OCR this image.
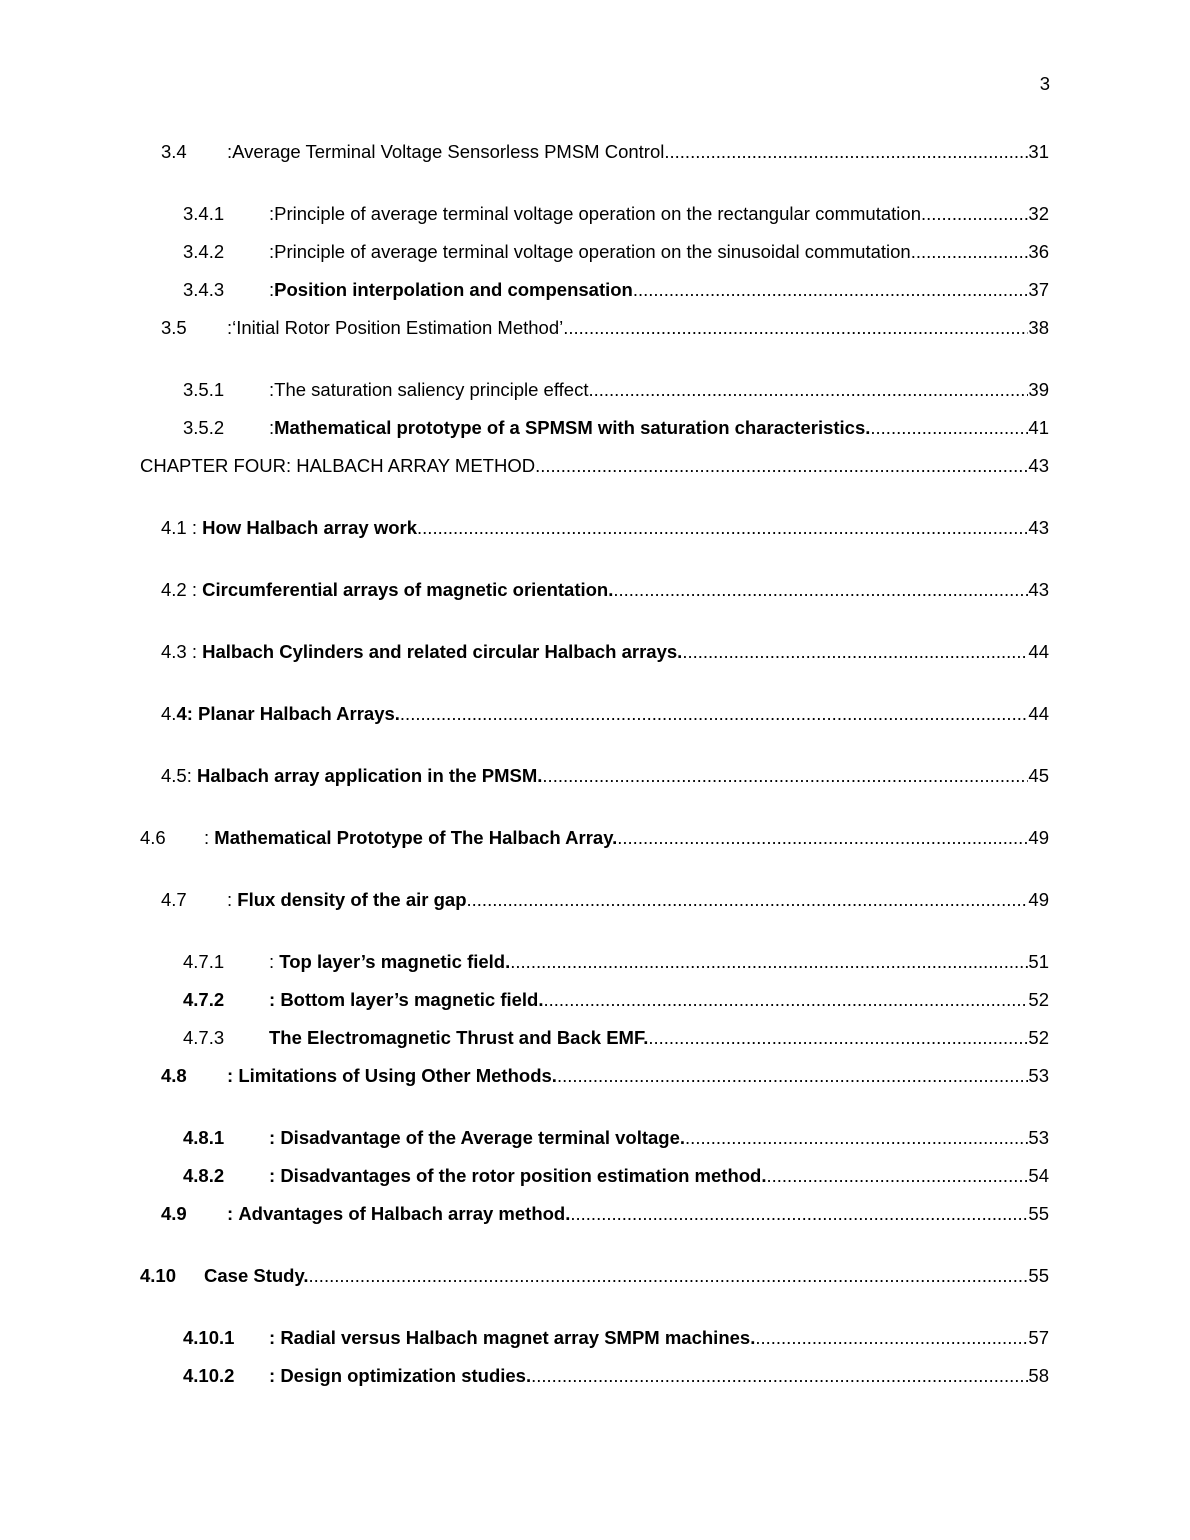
3
3.4	: Average Terminal Voltage Sensorless PMSM Control .....	31
3.4.1	: Principle of average terminal voltage operation on the rectangular commutation. .....	32
3.4.2	: Principle of average terminal voltage operation on the sinusoidal commutation. .....	36
3.4.3	: Position interpolation and compensation .....	37
3.5	: ‘Initial Rotor Position Estimation Method’ .....	38
3.5.1	: The saturation saliency principle effect .....	39
3.5.2	: Mathematical prototype of a SPMSM with saturation characteristics. .....	41
CHAPTER FOUR: HALBACH ARRAY METHOD .....	43
4.1 : How Halbach array work .....	43
4.2 : Circumferential arrays of magnetic orientation. .....	43
4.3 : Halbach Cylinders and related circular Halbach arrays. .....	44
4. 4: Planar Halbach Arrays. .....	44
4.5: Halbach array application in the PMSM. .....	45
4.6	: Mathematical Prototype of The Halbach Array. .....	49
4.7	: Flux density of the air gap .....	49
4.7.1	: Top layer’s magnetic field. .....	51
4.7.2	: Bottom layer’s magnetic field. .....	52
4.7.3	The Electromagnetic Thrust and Back EMF. .....	52
4.8	: Limitations of Using Other Methods. .....	53
4.8.1	: Disadvantage of the Average terminal voltage. .....	53
4.8.2	: Disadvantages of the rotor position estimation method. .....	54
4.9	: Advantages of Halbach array method. .....	55
4.10	Case Study. .....	55
4.10.1	: Radial versus Halbach magnet array SMPM machines. .....	57
4.10.2	: Design optimization studies. .....	58
